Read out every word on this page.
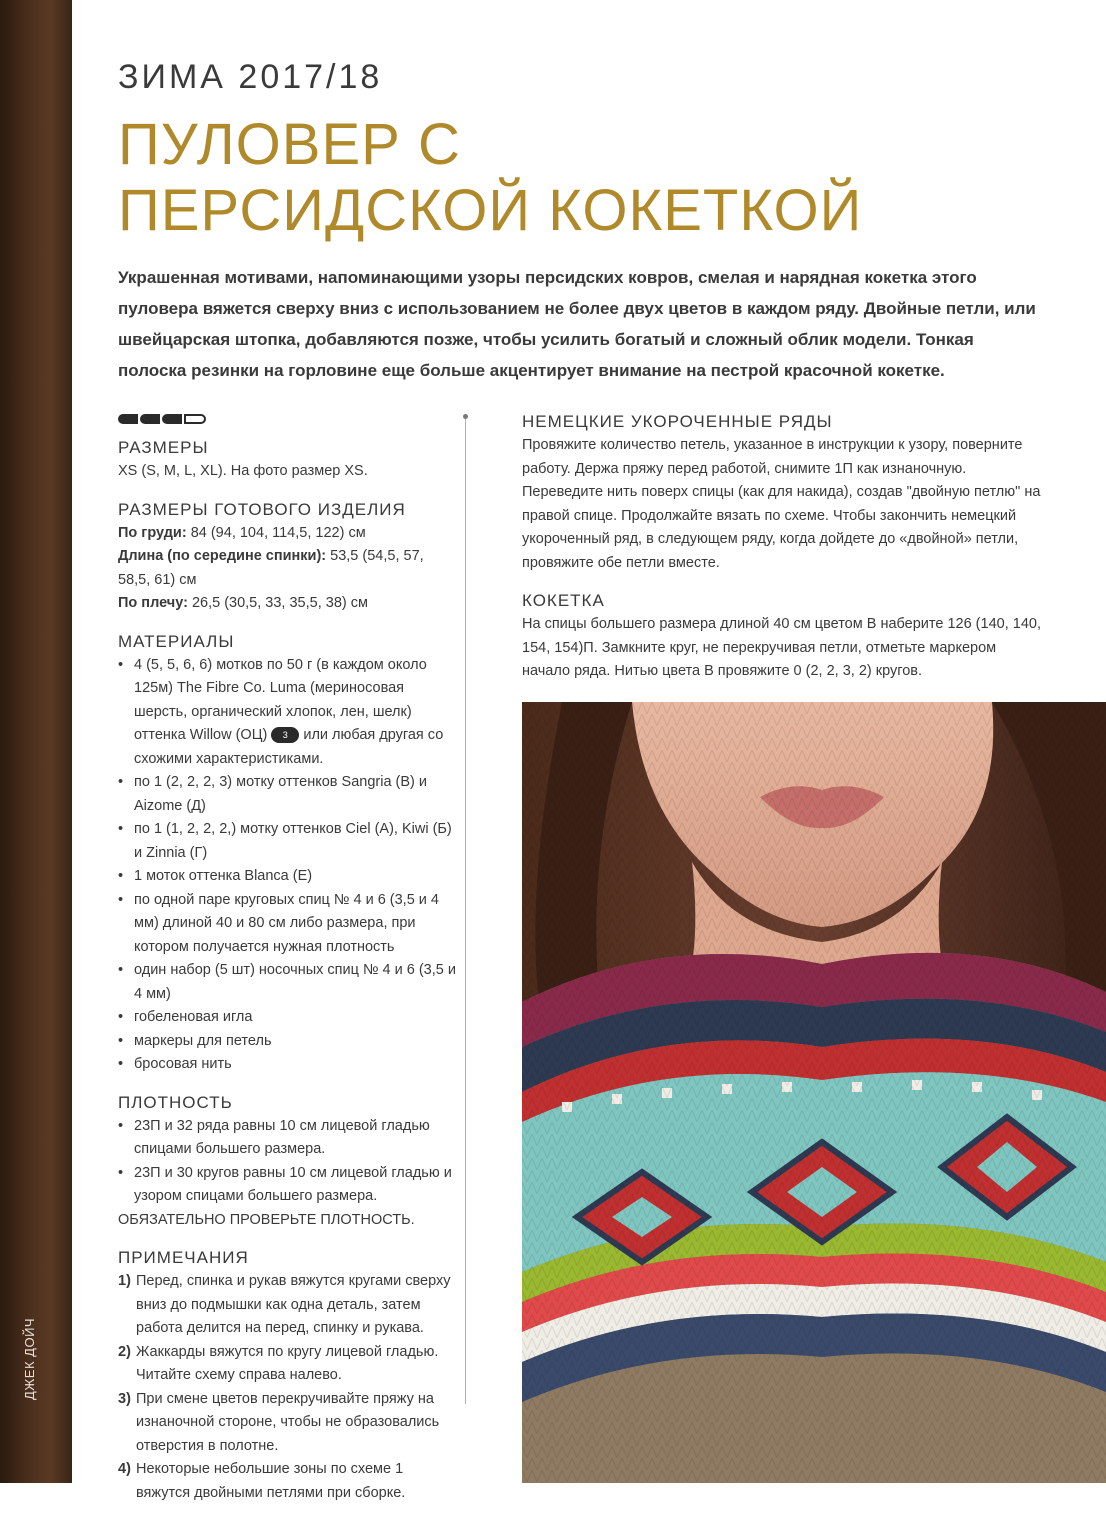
ДЖЕК ДОЙЧ
ЗИМА 2017/18
ПУЛОВЕР С ПЕРСИДСКОЙ КОКЕТКОЙ
Украшенная мотивами, напоминающими узоры персидских ковров, смелая и нарядная кокетка этого пуловера вяжется сверху вниз с использованием не более двух цветов в каждом ряду. Двойные петли, или швейцарская штопка, добавляются позже, чтобы усилить богатый и сложный облик модели. Тонкая полоска резинки на горловине еще больше акцентирует внимание на пестрой красочной кокетке.
РАЗМЕРЫ
XS (S, M, L, XL). На фото размер XS.
РАЗМЕРЫ ГОТОВОГО ИЗДЕЛИЯ
По груди: 84 (94, 104, 114,5, 122) см
Длина (по середине спинки): 53,5 (54,5, 57, 58,5, 61) см
По плечу: 26,5 (30,5, 33, 35,5, 38) см
МАТЕРИАЛЫ
• 4 (5, 5, 6, 6) мотков по 50 г (в каждом около 125м) The Fibre Co. Luma (мериносовая шерсть, органический хлопок, лен, шелк) оттенка Willow (ОЦ) 3 или любая другая со схожими характеристиками.
• по 1 (2, 2, 2, 3) мотку оттенков Sangria (В) и Aizome (Д)
• по 1 (1, 2, 2, 2,) мотку оттенков Ciel (А), Kiwi (Б) и Zinnia (Г)
• 1 моток оттенка Blanca (Е)
• по одной паре круговых спиц № 4 и 6 (3,5 и 4 мм) длиной 40 и 80 см либо размера, при котором получается нужная плотность
• один набор (5 шт) носочных спиц № 4 и 6 (3,5 и 4 мм)
• гобеленовая игла
• маркеры для петель
• бросовая нить
ПЛОТНОСТЬ
• 23П и 32 ряда равны 10 см лицевой гладью спицами большего размера.
• 23П и 30 кругов равны 10 см лицевой гладью и узором спицами большего размера.
ОБЯЗАТЕЛЬНО ПРОВЕРЬТЕ ПЛОТНОСТЬ.
ПРИМЕЧАНИЯ
1) Перед, спинка и рукав вяжутся кругами сверху вниз до подмышки как одна деталь, затем работа делится на перед, спинку и рукава.
2) Жаккарды вяжутся по кругу лицевой гладью. Читайте схему справа налево.
3) При смене цветов перекручивайте пряжу на изнаночной стороне, чтобы не образовались отверстия в полотне.
4) Некоторые небольшие зоны по схеме 1 вяжутся двойными петлями при сборке.
НЕМЕЦКИЕ УКОРОЧЕННЫЕ РЯДЫ
Провяжите количество петель, указанное в инструкции к узору, поверните работу. Держа пряжу перед работой, снимите 1П как изнаночную. Переведите нить поверх спицы (как для накида), создав "двойную петлю" на правой спице. Продолжайте вязать по схеме. Чтобы закончить немецкий укороченный ряд, в следующем ряду, когда дойдете до «двойной» петли, провяжите обе петли вместе.
КОКЕТКА
На спицы большего размера длиной 40 см цветом В наберите 126 (140, 140, 154, 154)П. Замкните круг, не перекручивая петли, отметьте маркером начало ряда. Нитью цвета В провяжите 0 (2, 2, 3, 2) кругов.
